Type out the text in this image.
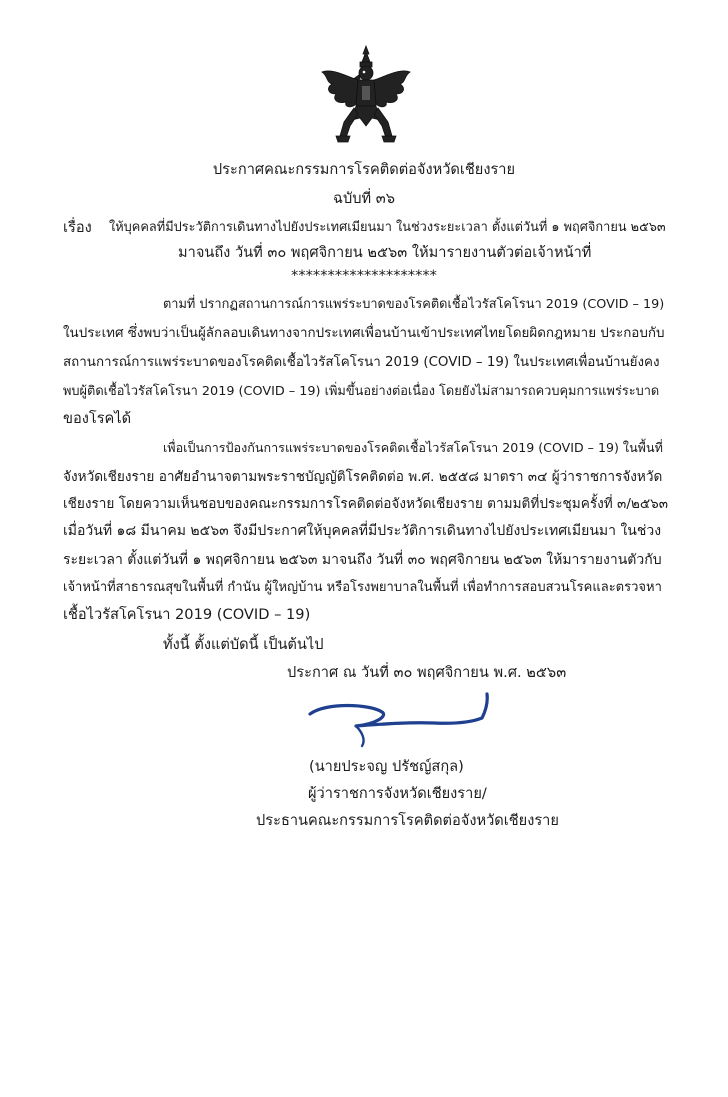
ประกาศคณะกรรมการโรคติดต่อจังหวัดเชียงราย
ฉบับที่ ๓๖
เรื่อง ให้บุคคลที่มีประวัติการเดินทางไปยังประเทศเมียนมา ในช่วงระยะเวลา ตั้งแต่วันที่ ๑ พฤศจิกายน ๒๕๖๓
มาจนถึง วันที่ ๓๐ พฤศจิกายน ๒๕๖๓ ให้มารายงานตัวต่อเจ้าหน้าที่
********************
ตามที่ ปรากฏสถานการณ์การแพร่ระบาดของโรคติดเชื้อไวรัสโคโรนา 2019 (COVID – 19)
ในประเทศ ซึ่งพบว่าเป็นผู้ลักลอบเดินทางจากประเทศเพื่อนบ้านเข้าประเทศไทยโดยผิดกฎหมาย ประกอบกับ
สถานการณ์การแพร่ระบาดของโรคติดเชื้อไวรัสโคโรนา 2019 (COVID – 19) ในประเทศเพื่อนบ้านยังคง
พบผู้ติดเชื้อไวรัสโคโรนา 2019 (COVID – 19) เพิ่มขึ้นอย่างต่อเนื่อง โดยยังไม่สามารถควบคุมการแพร่ระบาด
ของโรคได้
เพื่อเป็นการป้องกันการแพร่ระบาดของโรคติดเชื้อไวรัสโคโรนา 2019 (COVID – 19) ในพื้นที่
จังหวัดเชียงราย อาศัยอำนาจตามพระราชบัญญัติโรคติดต่อ พ.ศ. ๒๕๕๘ มาตรา ๓๔ ผู้ว่าราชการจังหวัด
เชียงราย โดยความเห็นชอบของคณะกรรมการโรคติดต่อจังหวัดเชียงราย ตามมติที่ประชุมครั้งที่ ๓/๒๕๖๓
เมื่อวันที่ ๑๘ มีนาคม ๒๕๖๓ จึงมีประกาศให้บุคคลที่มีประวัติการเดินทางไปยังประเทศเมียนมา ในช่วง
ระยะเวลา ตั้งแต่วันที่ ๑ พฤศจิกายน ๒๕๖๓ มาจนถึง วันที่ ๓๐ พฤศจิกายน ๒๕๖๓ ให้มารายงานตัวกับ
เจ้าหน้าที่สาธารณสุขในพื้นที่ กำนัน ผู้ใหญ่บ้าน หรือโรงพยาบาลในพื้นที่ เพื่อทำการสอบสวนโรคและตรวจหา
เชื้อไวรัสโคโรนา 2019 (COVID – 19)
ทั้งนี้ ตั้งแต่บัดนี้ เป็นต้นไป
ประกาศ ณ วันที่ ๓๐ พฤศจิกายน พ.ศ. ๒๕๖๓
(นายประจญ ปรัชญ์สกุล)
ผู้ว่าราชการจังหวัดเชียงราย/
ประธานคณะกรรมการโรคติดต่อจังหวัดเชียงราย
